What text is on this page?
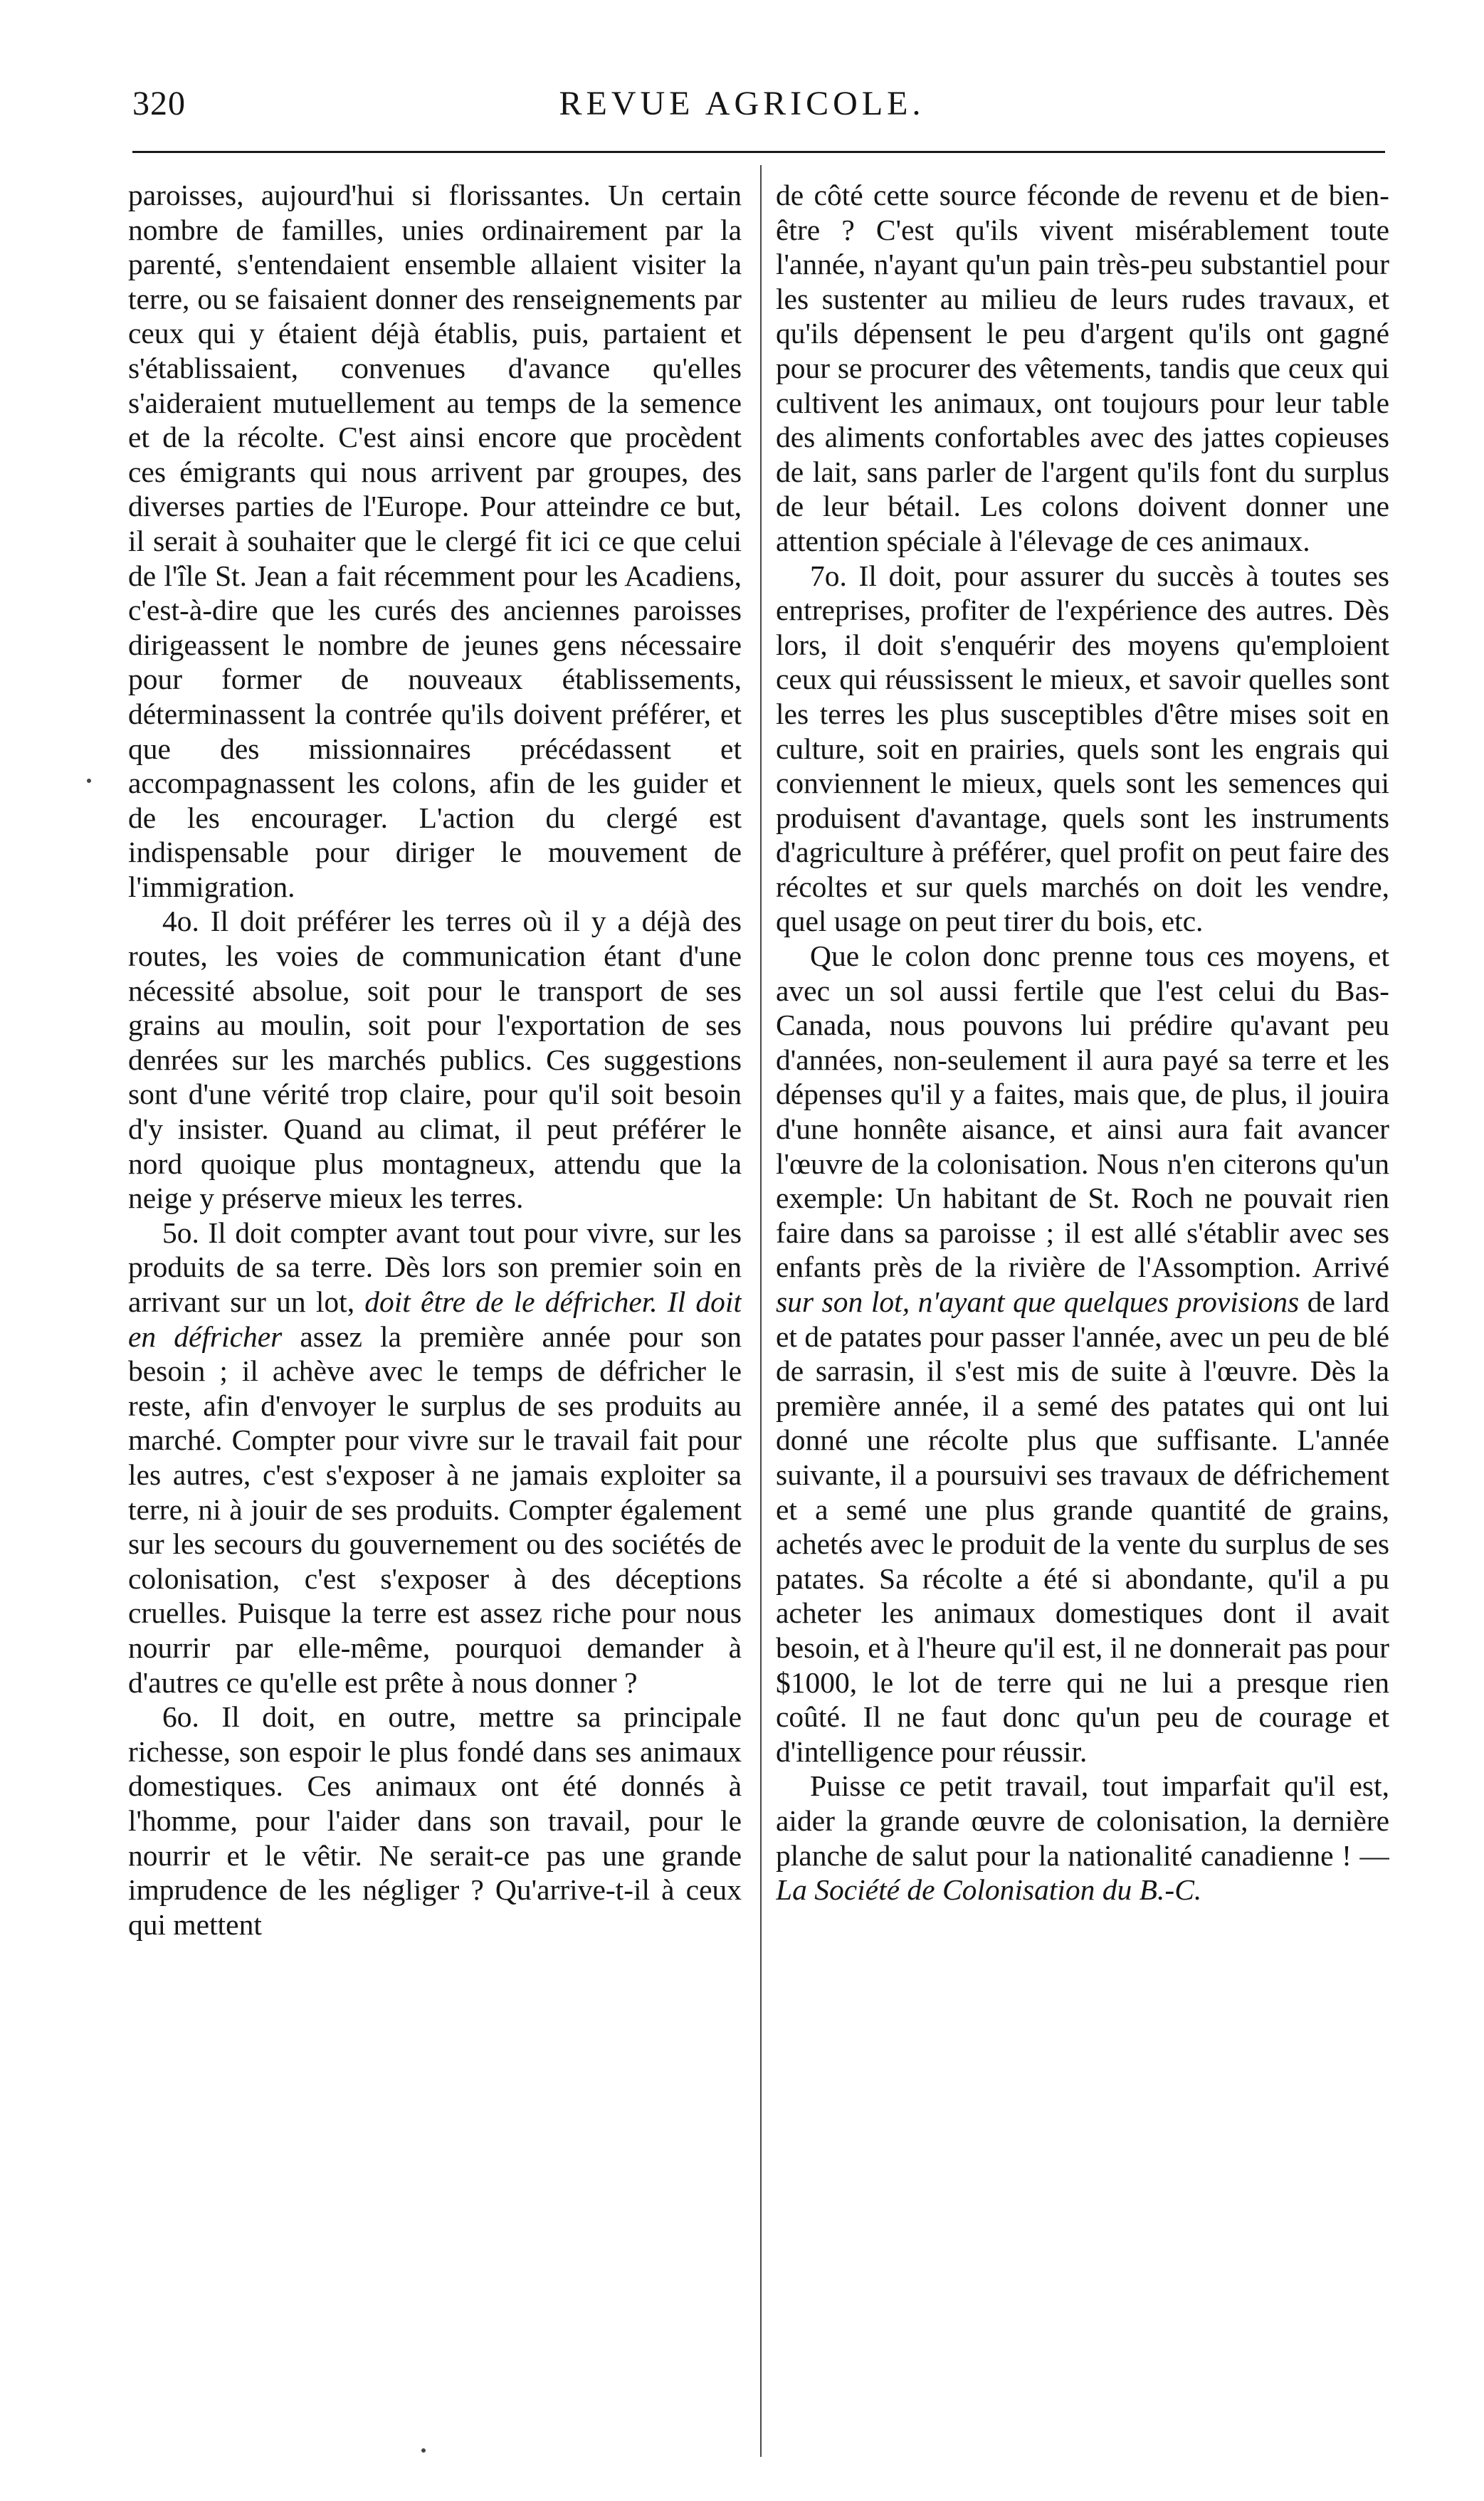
320	REVUE AGRICOLE.

paroisses, aujourd'hui si florissantes. Un certain nombre de familles, unies ordinairement par la parenté, s'entendaient ensemble allaient visiter la terre, ou se faisaient donner des renseignements par ceux qui y étaient déjà établis, puis, partaient et s'établissaient, convenues d'avance qu'elles s'aideraient mutuellement au temps de la semence et de la récolte. C'est ainsi encore que procèdent ces émigrants qui nous arrivent par groupes, des diverses parties de l'Europe. Pour atteindre ce but, il serait à souhaiter que le clergé fit ici ce que celui de l'île St. Jean a fait récemment pour les Acadiens, c'est-à-dire que les curés des anciennes paroisses dirigeassent le nombre de jeunes gens nécessaire pour former de nouveaux établissements, déterminassent la contrée qu'ils doivent préférer, et que des missionnaires précédassent et accompagnassent les colons, afin de les guider et de les encourager. L'action du clergé est indispensable pour diriger le mouvement de l'immigration.

4o. Il doit préférer les terres où il y a déjà des routes, les voies de communication étant d'une nécessité absolue, soit pour le transport de ses grains au moulin, soit pour l'exportation de ses denrées sur les marchés publics. Ces suggestions sont d'une vérité trop claire, pour qu'il soit besoin d'y insister. Quand au climat, il peut préférer le nord quoique plus montagneux, attendu que la neige y préserve mieux les terres.

5o. Il doit compter avant tout pour vivre, sur les produits de sa terre. Dès lors son premier soin en arrivant sur un lot, doit être de le défricher. Il doit en défricher assez la première année pour son besoin ; il achève avec le temps de défricher le reste, afin d'envoyer le surplus de ses produits au marché. Compter pour vivre sur le travail fait pour les autres, c'est s'exposer à ne jamais exploiter sa terre, ni à jouir de ses produits. Compter également sur les secours du gouvernement ou des sociétés de colonisation, c'est s'exposer à des déceptions cruelles. Puisque la terre est assez riche pour nous nourrir par elle-même, pourquoi demander à d'autres ce qu'elle est prête à nous donner ?

6o. Il doit, en outre, mettre sa principale richesse, son espoir le plus fondé dans ses animaux domestiques. Ces animaux ont été donnés à l'homme, pour l'aider dans son travail, pour le nourrir et le vêtir. Ne serait-ce pas une grande imprudence de les négliger ? Qu'arrive-t-il à ceux qui mettent

de côté cette source féconde de revenu et de bien-être ? C'est qu'ils vivent misérablement toute l'année, n'ayant qu'un pain très-peu substantiel pour les sustenter au milieu de leurs rudes travaux, et qu'ils dépensent le peu d'argent qu'ils ont gagné pour se procurer des vêtements, tandis que ceux qui cultivent les animaux, ont toujours pour leur table des aliments confortables avec des jattes copieuses de lait, sans parler de l'argent qu'ils font du surplus de leur bétail. Les colons doivent donner une attention spéciale à l'élevage de ces animaux.

7o. Il doit, pour assurer du succès à toutes ses entreprises, profiter de l'expérience des autres. Dès lors, il doit s'enquérir des moyens qu'emploient ceux qui réussissent le mieux, et savoir quelles sont les terres les plus susceptibles d'être mises soit en culture, soit en prairies, quels sont les engrais qui conviennent le mieux, quels sont les semences qui produisent d'avantage, quels sont les instruments d'agriculture à préférer, quel profit on peut faire des récoltes et sur quels marchés on doit les vendre, quel usage on peut tirer du bois, etc.

Que le colon donc prenne tous ces moyens, et avec un sol aussi fertile que l'est celui du Bas-Canada, nous pouvons lui prédire qu'avant peu d'années, non-seulement il aura payé sa terre et les dépenses qu'il y a faites, mais que, de plus, il jouira d'une honnête aisance, et ainsi aura fait avancer l'œuvre de la colonisation. Nous n'en citerons qu'un exemple: Un habitant de St. Roch ne pouvait rien faire dans sa paroisse ; il est allé s'établir avec ses enfants près de la rivière de l'Assomption. Arrivé sur son lot, n'ayant que quelques provisions de lard et de patates pour passer l'année, avec un peu de blé de sarrasin, il s'est mis de suite à l'œuvre. Dès la première année, il a semé des patates qui ont lui donné une récolte plus que suffisante. L'année suivante, il a poursuivi ses travaux de défrichement et a semé une plus grande quantité de grains, achetés avec le produit de la vente du surplus de ses patates. Sa récolte a été si abondante, qu'il a pu acheter les animaux domestiques dont il avait besoin, et à l'heure qu'il est, il ne donnerait pas pour $1000, le lot de terre qui ne lui a presque rien coûté. Il ne faut donc qu'un peu de courage et d'intelligence pour réussir.

Puisse ce petit travail, tout imparfait qu'il est, aider la grande œuvre de colonisation, la dernière planche de salut pour la nationalité canadienne ! — La Société de Colonisation du B.-C.
